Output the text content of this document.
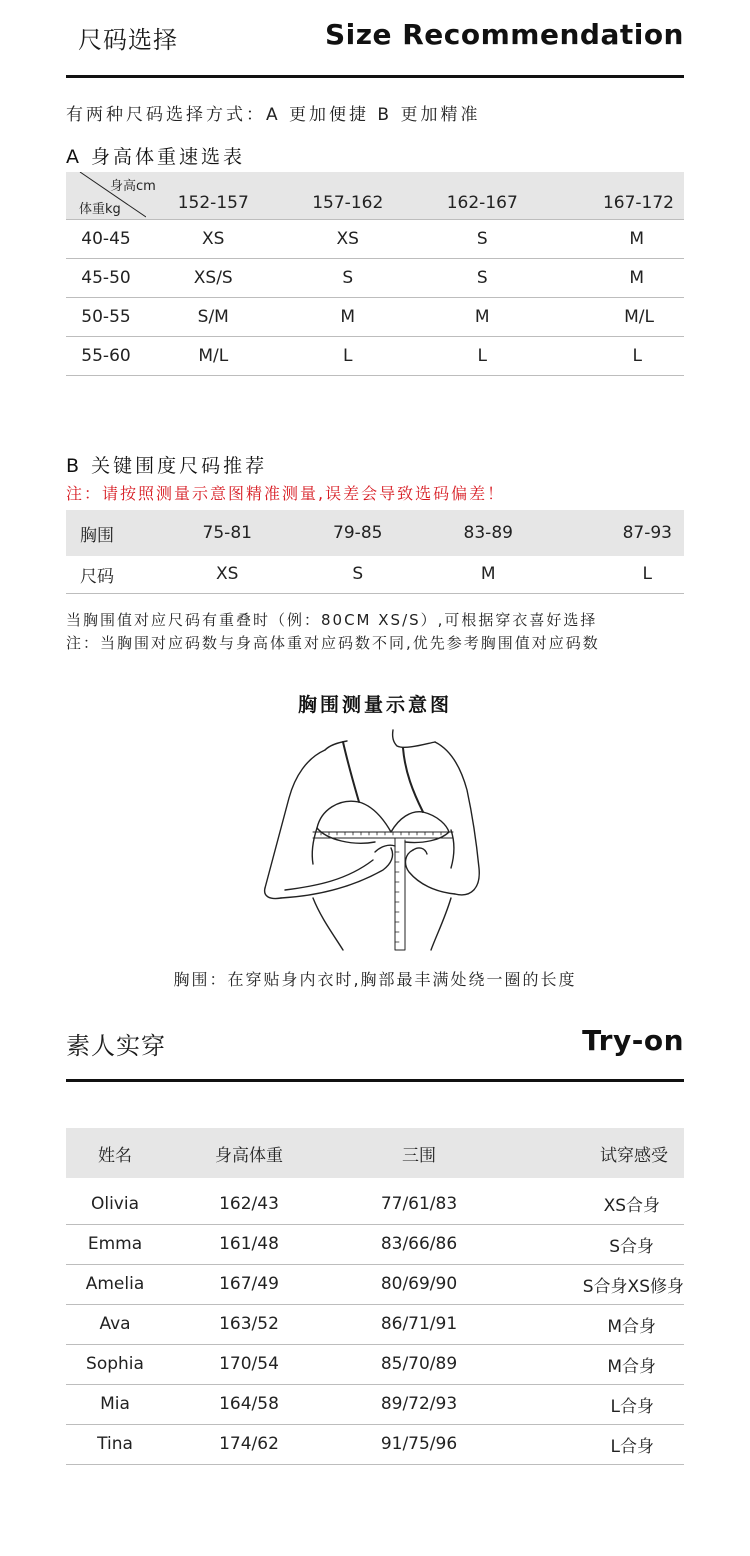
尺码选择	Size Recommendation
有两种尺码选择方式：A 更加便捷 B 更加精准
A 身高体重速选表
身高cm
体重kg	152-157	157-162	162-167	167-172
40-45	XS	XS	S	M
45-50	XS/S	S	S	M
50-55	S/M	M	M	M/L
55-60	M/L	L	L	L
B 关键围度尺码推荐
注：请按照测量示意图精准测量,误差会导致选码偏差！
胸围	75-81	79-85	83-89	87-93
尺码	XS	S	M	L
当胸围值对应尺码有重叠时（例：80CM XS/S）,可根据穿衣喜好选择
注：当胸围对应码数与身高体重对应码数不同,优先参考胸围值对应码数
胸围测量示意图
胸围：在穿贴身内衣时,胸部最丰满处绕一圈的长度
素人实穿	Try-on
姓名	身高体重	三围	试穿感受

Olivia	162/43	77/61/83	XS合身
Emma	161/48	83/66/86	S合身
Amelia	167/49	80/69/90	S合身XS修身
Ava	163/52	86/71/91	M合身
Sophia	170/54	85/70/89	M合身
Mia	164/58	89/72/93	L合身
Tina	174/62	91/75/96	L合身
